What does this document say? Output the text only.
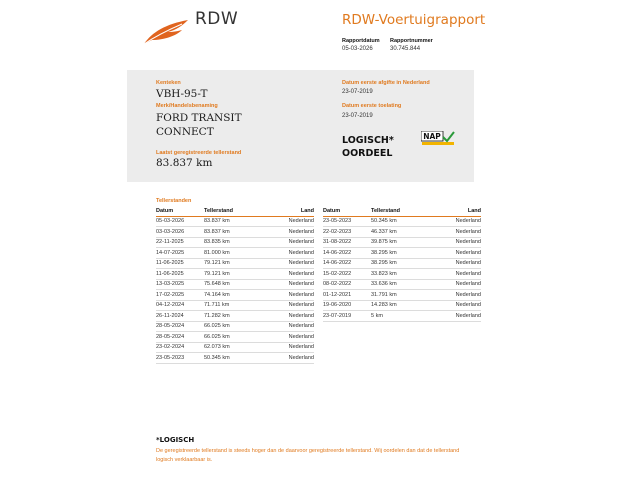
RDW	RDW-Voertuigrapport
Rapportdatum
05-03-2026
Rapportnummer
30.745.844
Kenteken
VBH-95-T
Merk/Handelsbenaming
FORD TRANSIT
CONNECT
Laatst geregistreerde tellerstand
83.837 km
Datum eerste afgifte in Nederland
23-07-2019
Datum eerste toelating
23-07-2019
LOGISCH*
OORDEEL
NAP
Tellerstanden
Datum	Tellerstand	Land
05-03-2026	83.837 km	Nederland
03-03-2026	83.837 km	Nederland
22-11-2025	83.835 km	Nederland
14-07-2025	81.000 km	Nederland
11-06-2025	79.121 km	Nederland
11-06-2025	79.121 km	Nederland
13-03-2025	75.648 km	Nederland
17-02-2025	74.164 km	Nederland
04-12-2024	71.711 km	Nederland
26-11-2024	71.282 km	Nederland
28-05-2024	66.025 km	Nederland
28-05-2024	66.025 km	Nederland
23-02-2024	62.073 km	Nederland
23-05-2023	50.345 km	Nederland
Datum	Tellerstand	Land
23-05-2023	50.345 km	Nederland
22-02-2023	46.337 km	Nederland
31-08-2022	39.875 km	Nederland
14-06-2022	38.295 km	Nederland
14-06-2022	38.295 km	Nederland
15-02-2022	33.823 km	Nederland
08-02-2022	33.636 km	Nederland
01-12-2021	31.791 km	Nederland
19-06-2020	14.283 km	Nederland
23-07-2019	5 km	Nederland
*LOGISCH
De geregistreerde tellerstand is steeds hoger dan de daarvoor geregistreerde tellerstand. Wij oordelen dan dat de tellerstand logisch verklaarbaar is.
